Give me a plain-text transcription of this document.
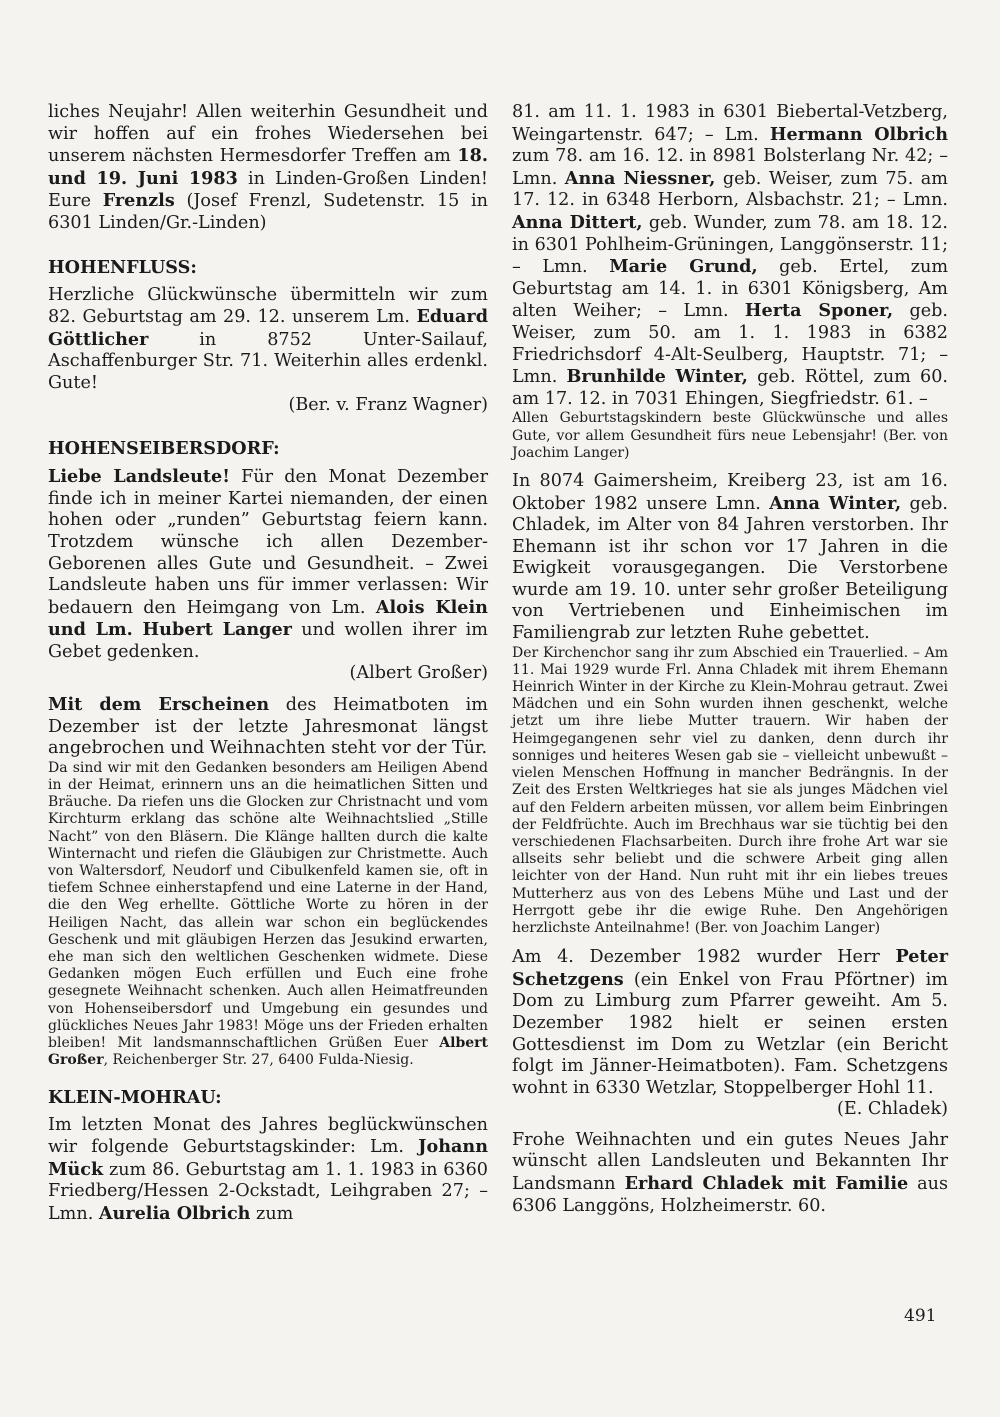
liches Neujahr! Allen weiterhin Gesundheit und wir hoffen auf ein frohes Wiedersehen bei unserem nächsten Hermesdorfer Treffen am 18. und 19. Juni 1983 in Linden-Großen Linden! Eure Frenzls (Josef Frenzl, Sudetenstr. 15 in 6301 Linden/Gr.-Linden)

HOHENFLUSS:

Herzliche Glückwünsche übermitteln wir zum 82. Geburtstag am 29. 12. unserem Lm. Eduard Göttlicher in 8752 Unter-Sailauf, Aschaffenburger Str. 71. Weiterhin alles erdenkl. Gute!

(Ber. v. Franz Wagner)

HOHENSEIBERSDORF:

Liebe Landsleute! Für den Monat Dezember finde ich in meiner Kartei niemanden, der einen hohen oder „runden” Geburtstag feiern kann. Trotzdem wünsche ich allen Dezember-Geborenen alles Gute und Gesundheit. – Zwei Landsleute haben uns für immer verlassen: Wir bedauern den Heimgang von Lm. Alois Klein und Lm. Hubert Langer und wollen ihrer im Gebet gedenken.

(Albert Großer)

Mit dem Erscheinen des Heimatboten im Dezember ist der letzte Jahresmonat längst angebrochen und Weihnachten steht vor der Tür.

Da sind wir mit den Gedanken besonders am Heiligen Abend in der Heimat, erinnern uns an die heimatlichen Sitten und Bräuche. Da riefen uns die Glocken zur Christnacht und vom Kirchturm erklang das schöne alte Weihnachtslied „Stille Nacht” von den Bläsern. Die Klänge hallten durch die kalte Winternacht und riefen die Gläubigen zur Christmette. Auch von Waltersdorf, Neudorf und Cibulkenfeld kamen sie, oft in tiefem Schnee einherstapfend und eine Laterne in der Hand, die den Weg erhellte. Göttliche Worte zu hören in der Heiligen Nacht, das allein war schon ein beglückendes Geschenk und mit gläubigen Herzen das Jesukind erwarten, ehe man sich den weltlichen Geschenken widmete. Diese Gedanken mögen Euch erfüllen und Euch eine frohe gesegnete Weihnacht schenken. Auch allen Heimatfreunden von Hohenseibersdorf und Umgebung ein gesundes und glückliches Neues Jahr 1983! Möge uns der Frieden erhalten bleiben! Mit landsmannschaftlichen Grüßen Euer Albert Großer, Reichenberger Str. 27, 6400 Fulda-Niesig.

KLEIN-MOHRAU:

Im letzten Monat des Jahres beglückwünschen wir folgende Geburtstagskinder: Lm. Johann Mück zum 86. Geburtstag am 1. 1. 1983 in 6360 Friedberg/Hessen 2-Ockstadt, Leihgraben 27; – Lmn. Aurelia Olbrich zum

81. am 11. 1. 1983 in 6301 Biebertal-Vetzberg, Weingartenstr. 647; – Lm. Hermann Olbrich zum 78. am 16. 12. in 8981 Bolsterlang Nr. 42; – Lmn. Anna Niessner, geb. Weiser, zum 75. am 17. 12. in 6348 Herborn, Alsbachstr. 21; – Lmn. Anna Dittert, geb. Wunder, zum 78. am 18. 12. in 6301 Pohlheim-Grüningen, Langgönserstr. 11; – Lmn. Marie Grund, geb. Ertel, zum Geburtstag am 14. 1. in 6301 Königsberg, Am alten Weiher; – Lmn. Herta Sponer, geb. Weiser, zum 50. am 1. 1. 1983 in 6382 Friedrichsdorf 4-Alt-Seulberg, Hauptstr. 71; – Lmn. Brunhilde Winter, geb. Röttel, zum 60. am 17. 12. in 7031 Ehingen, Siegfriedstr. 61. –

Allen Geburtstagskindern beste Glückwünsche und alles Gute, vor allem Gesundheit fürs neue Lebensjahr! (Ber. von Joachim Langer)

In 8074 Gaimersheim, Kreiberg 23, ist am 16. Oktober 1982 unsere Lmn. Anna Winter, geb. Chladek, im Alter von 84 Jahren verstorben. Ihr Ehemann ist ihr schon vor 17 Jahren in die Ewigkeit vorausgegangen. Die Verstorbene wurde am 19. 10. unter sehr großer Beteiligung von Vertriebenen und Einheimischen im Familiengrab zur letzten Ruhe gebettet.

Der Kirchenchor sang ihr zum Abschied ein Trauerlied. – Am 11. Mai 1929 wurde Frl. Anna Chladek mit ihrem Ehemann Heinrich Winter in der Kirche zu Klein-Mohrau getraut. Zwei Mädchen und ein Sohn wurden ihnen geschenkt, welche jetzt um ihre liebe Mutter trauern. Wir haben der Heimgegangenen sehr viel zu danken, denn durch ihr sonniges und heiteres Wesen gab sie – vielleicht unbewußt – vielen Menschen Hoffnung in mancher Bedrängnis. In der Zeit des Ersten Weltkrieges hat sie als junges Mädchen viel auf den Feldern arbeiten müssen, vor allem beim Einbringen der Feldfrüchte. Auch im Brechhaus war sie tüchtig bei den verschiedenen Flachsarbeiten. Durch ihre frohe Art war sie allseits sehr beliebt und die schwere Arbeit ging allen leichter von der Hand. Nun ruht mit ihr ein liebes treues Mutterherz aus von des Lebens Mühe und Last und der Herrgott gebe ihr die ewige Ruhe. Den Angehörigen herzlichste Anteilnahme! (Ber. von Joachim Langer)

Am 4. Dezember 1982 wurder Herr Peter Schetzgens (ein Enkel von Frau Pförtner) im Dom zu Limburg zum Pfarrer geweiht. Am 5. Dezember 1982 hielt er seinen ersten Gottesdienst im Dom zu Wetzlar (ein Bericht folgt im Jänner-Heimatboten). Fam. Schetzgens wohnt in 6330 Wetzlar, Stoppelberger Hohl 11.

(E. Chladek)

Frohe Weihnachten und ein gutes Neues Jahr wünscht allen Landsleuten und Bekannten Ihr Landsmann Erhard Chladek mit Familie aus 6306 Langgöns, Holzheimerstr. 60.

491
